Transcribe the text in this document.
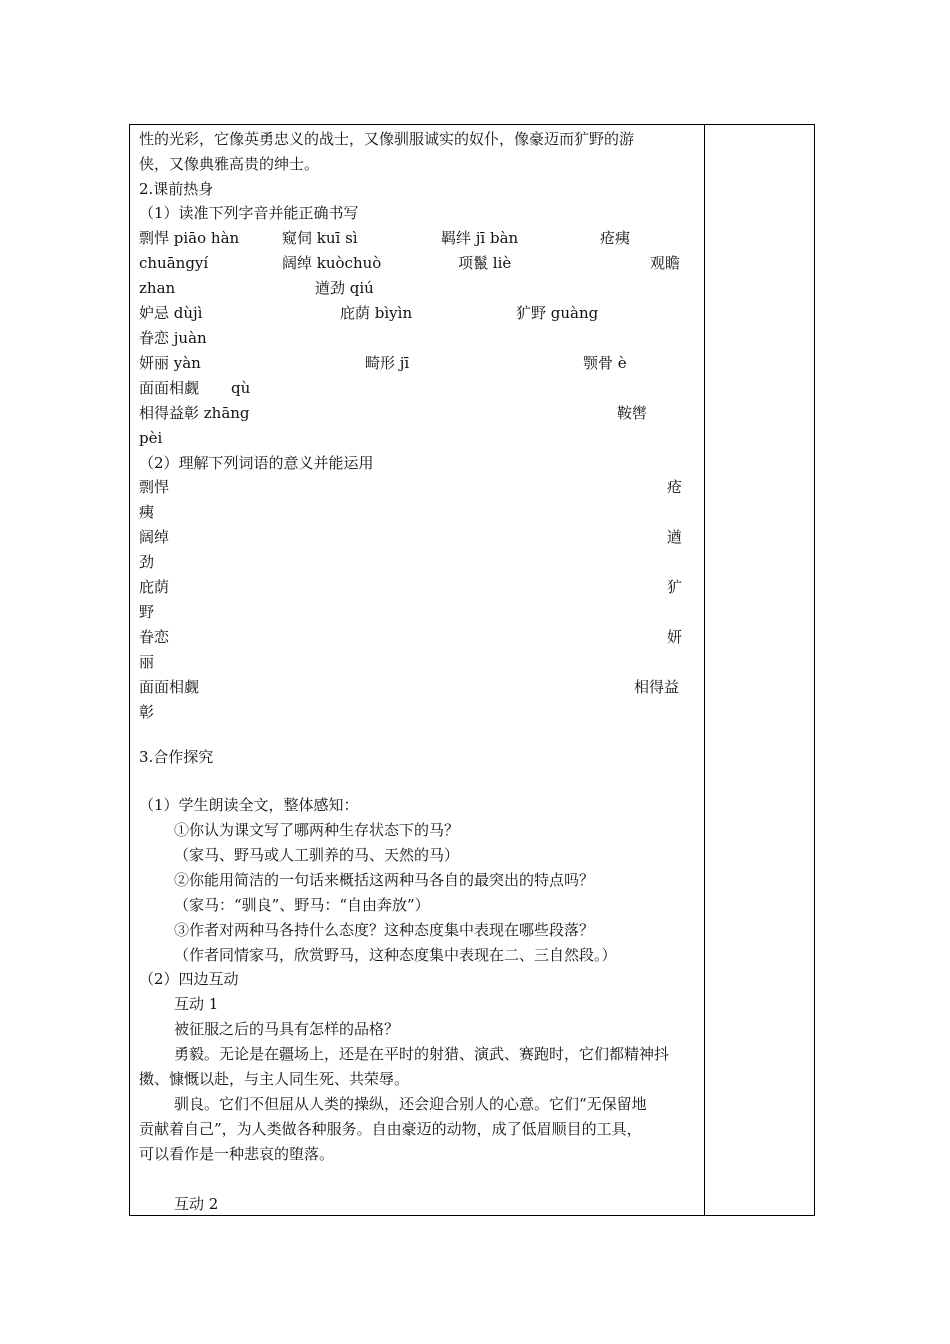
性的光彩，它像英勇忠义的战士，又像驯服诚实的奴仆，像豪迈而犷野的游
侠，又像典雅高贵的绅士。
2.课前热身
（1）读准下列字音并能正确书写
剽悍 piāo hàn	窥伺 kuī sì	羁绊 jī bàn	疮痍
chuāngyí	阔绰 kuòchuò	项鬣 liè	观瞻
zhan	遒劲 qiú
妒忌 dùjì	庇荫 bìyìn	犷野 guàng
眷恋 juàn
妍丽 yàn	畸形 jī	颚骨 è
面面相觑 qù
相得益彰 zhāng	鞍辔
pèi
（2）理解下列词语的意义并能运用
剽悍	疮
痍
阔绰	遒
劲
庇荫	犷
野
眷恋	妍
丽
面面相觑	相得益
彰
3.合作探究
（1）学生朗读全文，整体感知：
①你认为课文写了哪两种生存状态下的马？
（家马、野马或人工驯养的马、天然的马）
②你能用简洁的一句话来概括这两种马各自的最突出的特点吗？
（家马：“驯良”、野马：“自由奔放”）
③作者对两种马各持什么态度？这种态度集中表现在哪些段落？
（作者同情家马，欣赏野马，这种态度集中表现在二、三自然段。）
（2）四边互动
互动 1
被征服之后的马具有怎样的品格？
勇毅。无论是在疆场上，还是在平时的射猎、演武、赛跑时，它们都精神抖
擞、慷慨以赴，与主人同生死、共荣辱。
驯良。它们不但屈从人类的操纵，还会迎合别人的心意。它们“无保留地
贡献着自己”，为人类做各种服务。自由豪迈的动物，成了低眉顺目的工具，
可以看作是一种悲哀的堕落。
互动 2
